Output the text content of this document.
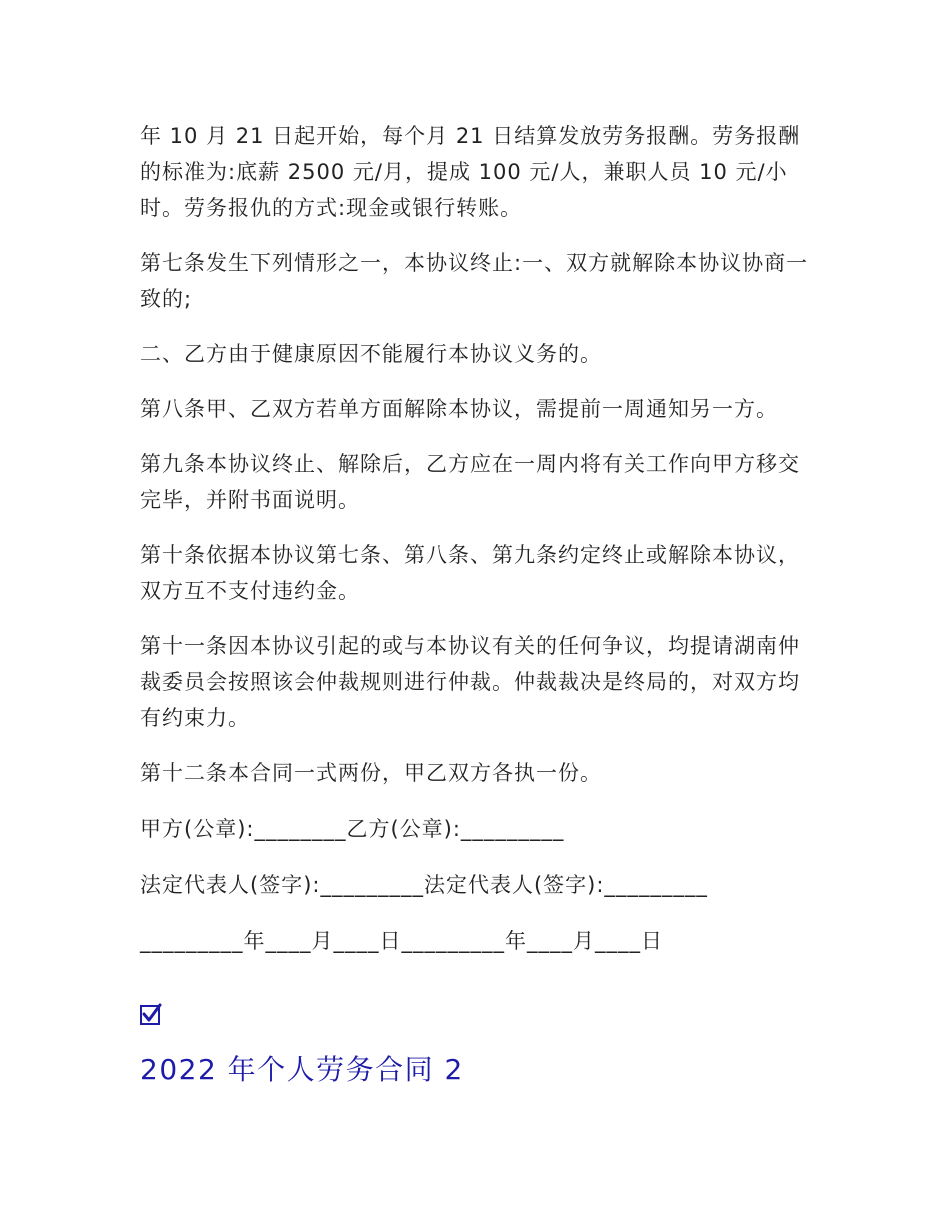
年 10 月 21 日起开始，每个月 21 日结算发放劳务报酬。劳务报酬的标准为:底薪 2500 元/月，提成 100 元/人，兼职人员 10 元/小时。劳务报仇的方式:现金或银行转账。

第七条发生下列情形之一，本协议终止:一、双方就解除本协议协商一致的;

二、乙方由于健康原因不能履行本协议义务的。

第八条甲、乙双方若单方面解除本协议，需提前一周通知另一方。

第九条本协议终止、解除后，乙方应在一周内将有关工作向甲方移交完毕，并附书面说明。

第十条依据本协议第七条、第八条、第九条约定终止或解除本协议，双方互不支付违约金。

第十一条因本协议引起的或与本协议有关的任何争议，均提请湖南仲裁委员会按照该会仲裁规则进行仲裁。仲裁裁决是终局的，对双方均有约束力。

第十二条本合同一式两份，甲乙双方各执一份。

甲方(公章):________乙方(公章):_________

法定代表人(签字):_________法定代表人(签字):_________

_________年____月____日_________年____月____日

2022 年个人劳务合同 2
